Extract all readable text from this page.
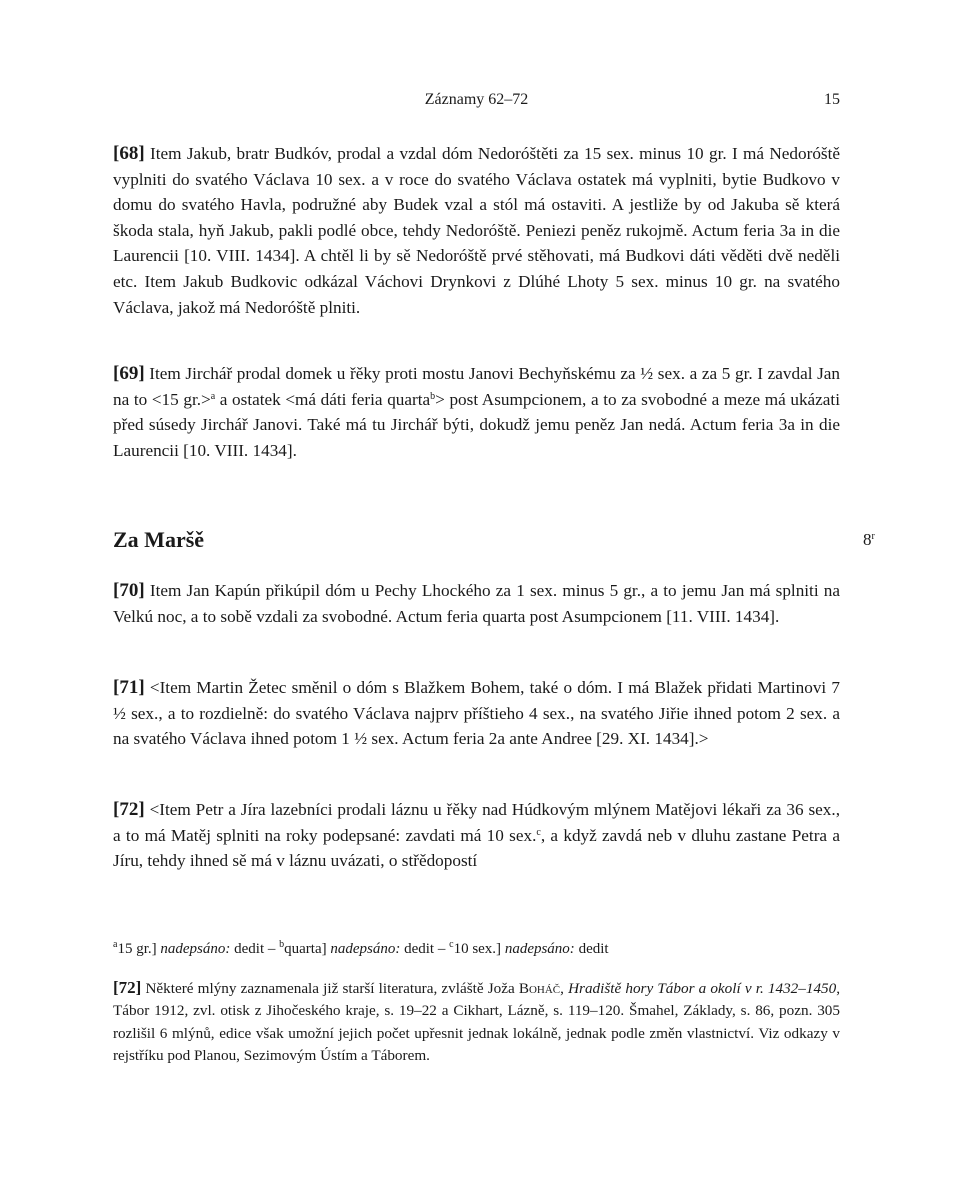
Záznamy 62–72	15

[68] Item Jakub, bratr Budkóv, prodal a vzdal dóm Nedoróštěti za 15 sex. minus 10 gr. I má Nedoróště vyplniti do svatého Václava 10 sex. a v roce do svatého Václava ostatek má vyplniti, bytie Budkovo v domu do svatého Havla, podružné aby Budek vzal a stól má ostaviti. A jestliže by od Jakuba sě která škoda stala, hyň Jakub, pakli podlé obce, tehdy Nedoróště. Peniezi peněz rukojmě. Actum feria 3a in die Laurencii [10. VIII. 1434]. A chtěl li by sě Nedoróště prvé stěhovati, má Budkovi dáti věděti dvě neděli etc. Item Jakub Budkovic odkázal Váchovi Drynkovi z Dlúhé Lhoty 5 sex. minus 10 gr. na svatého Václava, jakož má Nedoróště plniti.

[69] Item Jirchář prodal domek u řěky proti mostu Janovi Bechyňskému za ½ sex. a za 5 gr. I zavdal Jan na to <15 gr.>$^a$ a ostatek <má dáti feria quarta$^b$> post Asumpcionem, a to za svobodné a meze má ukázati před súsedy Jirchář Janovi. Také má tu Jirchář býti, dokudž jemu peněz Jan nedá. Actum feria 3a in die Laurencii [10. VIII. 1434].

Za Maršě	8$^r$

[70] Item Jan Kapún přikúpil dóm u Pechy Lhockého za 1 sex. minus 5 gr., a to jemu Jan má splniti na Velkú noc, a to sobě vzdali za svobodné. Actum feria quarta post Asumpcionem [11. VIII. 1434].

[71] <Item Martin Žetec směnil o dóm s Blažkem Bohem, také o dóm. I má Blažek přidati Martinovi 7 ½ sex., a to rozdielně: do svatého Václava najprv příštieho 4 sex., na svatého Jiřie ihned potom 2 sex. a na svatého Václava ihned potom 1 ½ sex. Actum feria 2a ante Andree [29. XI. 1434].>

[72] <Item Petr a Jíra lazebníci prodali láznu u řěky nad Húdkovým mlýnem Matějovi lékaři za 36 sex., a to má Matěj splniti na roky podepsané: zavdati má 10 sex.$^c$, a když zavdá neb v dluhu zastane Petra a Jíru, tehdy ihned sě má v láznu uvázati, o střědopostí

$^a$15 gr.] nadepsáno: dedit – $^b$quarta] nadepsáno: dedit – $^c$10 sex.] nadepsáno: dedit

[72] Některé mlýny zaznamenala již starší literatura, zvláště Joža Boháč, Hradiště hory Tábor a okolí v r. 1432–1450, Tábor 1912, zvl. otisk z Jihočeského kraje, s. 19–22 a Cikhart, Lázně, s. 119–120. Šmahel, Základy, s. 86, pozn. 305 rozlišil 6 mlýnů, edice však umožní jejich počet upřesnit jednak lokálně, jednak podle změn vlastnictví. Viz odkazy v rejstříku pod Planou, Sezimovým Ústím a Táborem.
